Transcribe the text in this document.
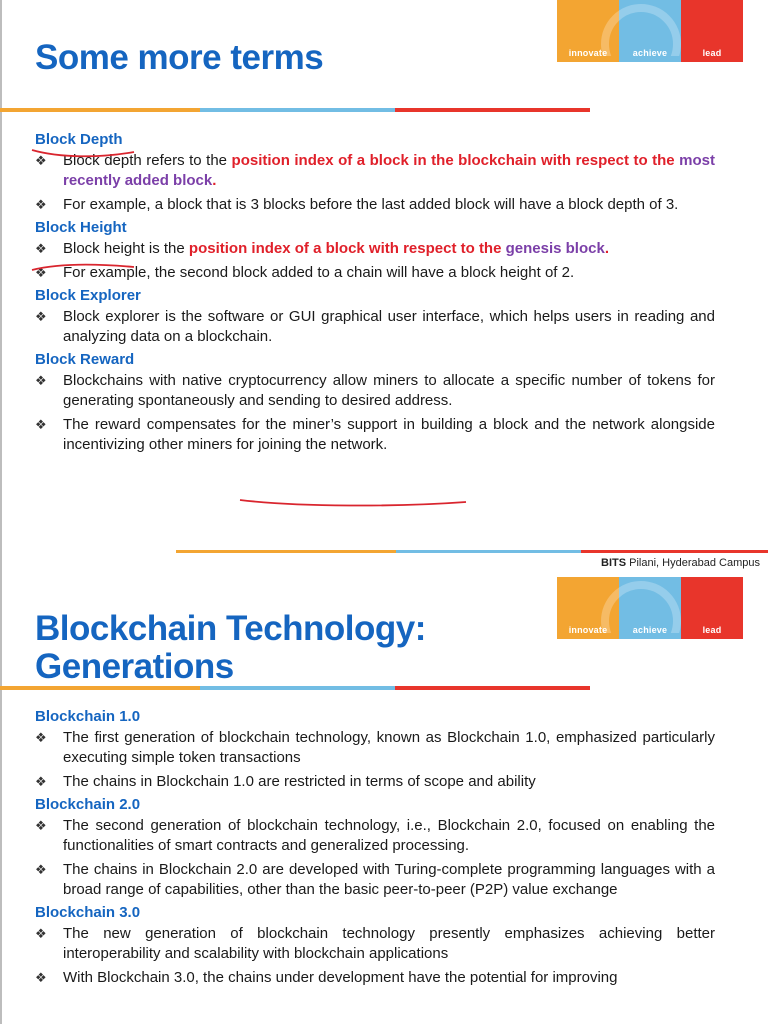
innovate	achieve	lead
Some more terms
Block Depth
❖ Block depth refers to the position index of a block in the blockchain with respect to the most recently added block.
❖ For example, a block that is 3 blocks before the last added block will have a block depth of 3.
Block Height
❖ Block height is the position index of a block with respect to the genesis block.
❖ For example, the second block added to a chain will have a block height of 2.
Block Explorer
❖ Block explorer is the software or GUI graphical user interface, which helps users in reading and analyzing data on a blockchain.
Block Reward
❖ Blockchains with native cryptocurrency allow miners to allocate a specific number of tokens for generating spontaneously and sending to desired address.
❖ The reward compensates for the miner’s support in building a block and the network alongside incentivizing other miners for joining the network.
BITS Pilani, Hyderabad Campus
innovate	achieve	lead
Blockchain Technology:
Generations
Blockchain 1.0
❖ The first generation of blockchain technology, known as Blockchain 1.0, emphasized particularly executing simple token transactions
❖ The chains in Blockchain 1.0 are restricted in terms of scope and ability
Blockchain 2.0
❖ The second generation of blockchain technology, i.e., Blockchain 2.0, focused on enabling the functionalities of smart contracts and generalized processing.
❖ The chains in Blockchain 2.0 are developed with Turing-complete programming languages with a broad range of capabilities, other than the basic peer-to-peer (P2P) value exchange
Blockchain 3.0
❖ The new generation of blockchain technology presently emphasizes achieving better interoperability and scalability with blockchain applications
❖ With Blockchain 3.0, the chains under development have the potential for improving
